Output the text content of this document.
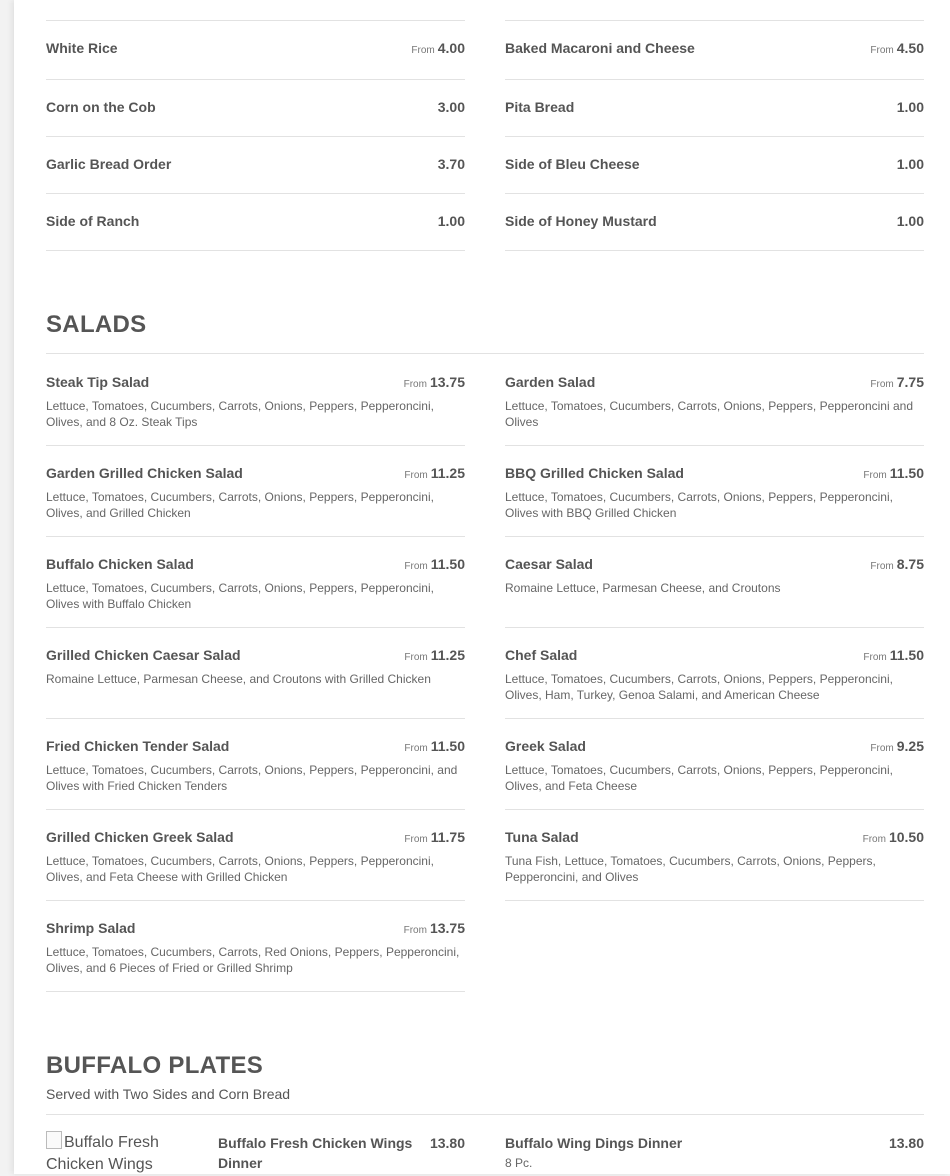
White Rice	From 4.00
Corn on the Cob	3.00
Garlic Bread Order	3.70
Side of Ranch	1.00
Baked Macaroni and Cheese	From 4.50
Pita Bread	1.00
Side of Bleu Cheese	1.00
Side of Honey Mustard	1.00
SALADS
Steak Tip Salad	From 13.75
Lettuce, Tomatoes, Cucumbers, Carrots, Onions, Peppers, Pepperoncini, Olives, and 8 Oz. Steak Tips
Garden Grilled Chicken Salad	From 11.25
Lettuce, Tomatoes, Cucumbers, Carrots, Onions, Peppers, Pepperoncini, Olives, and Grilled Chicken
Buffalo Chicken Salad	From 11.50
Lettuce, Tomatoes, Cucumbers, Carrots, Onions, Peppers, Pepperoncini, Olives with Buffalo Chicken
Grilled Chicken Caesar Salad	From 11.25
Romaine Lettuce, Parmesan Cheese, and Croutons with Grilled Chicken
Fried Chicken Tender Salad	From 11.50
Lettuce, Tomatoes, Cucumbers, Carrots, Onions, Peppers, Pepperoncini, and Olives with Fried Chicken Tenders
Grilled Chicken Greek Salad	From 11.75
Lettuce, Tomatoes, Cucumbers, Carrots, Onions, Peppers, Pepperoncini, Olives, and Feta Cheese with Grilled Chicken
Shrimp Salad	From 13.75
Lettuce, Tomatoes, Cucumbers, Carrots, Red Onions, Peppers, Pepperoncini, Olives, and 6 Pieces of Fried or Grilled Shrimp
Garden Salad	From 7.75
Lettuce, Tomatoes, Cucumbers, Carrots, Onions, Peppers, Pepperoncini and Olives
BBQ Grilled Chicken Salad	From 11.50
Lettuce, Tomatoes, Cucumbers, Carrots, Onions, Peppers, Pepperoncini, Olives with BBQ Grilled Chicken
Caesar Salad	From 8.75
Romaine Lettuce, Parmesan Cheese, and Croutons
Chef Salad	From 11.50
Lettuce, Tomatoes, Cucumbers, Carrots, Onions, Peppers, Pepperoncini, Olives, Ham, Turkey, Genoa Salami, and American Cheese
Greek Salad	From 9.25
Lettuce, Tomatoes, Cucumbers, Carrots, Onions, Peppers, Pepperoncini, Olives, and Feta Cheese
Tuna Salad	From 10.50
Tuna Fish, Lettuce, Tomatoes, Cucumbers, Carrots, Onions, Peppers, Pepperoncini, and Olives
BUFFALO PLATES
Served with Two Sides and Corn Bread
Buffalo Fresh Chicken Wings
Buffalo Fresh Chicken Wings Dinner
13.80	Buffalo Wing Dings Dinner	13.80
8 Pc.
